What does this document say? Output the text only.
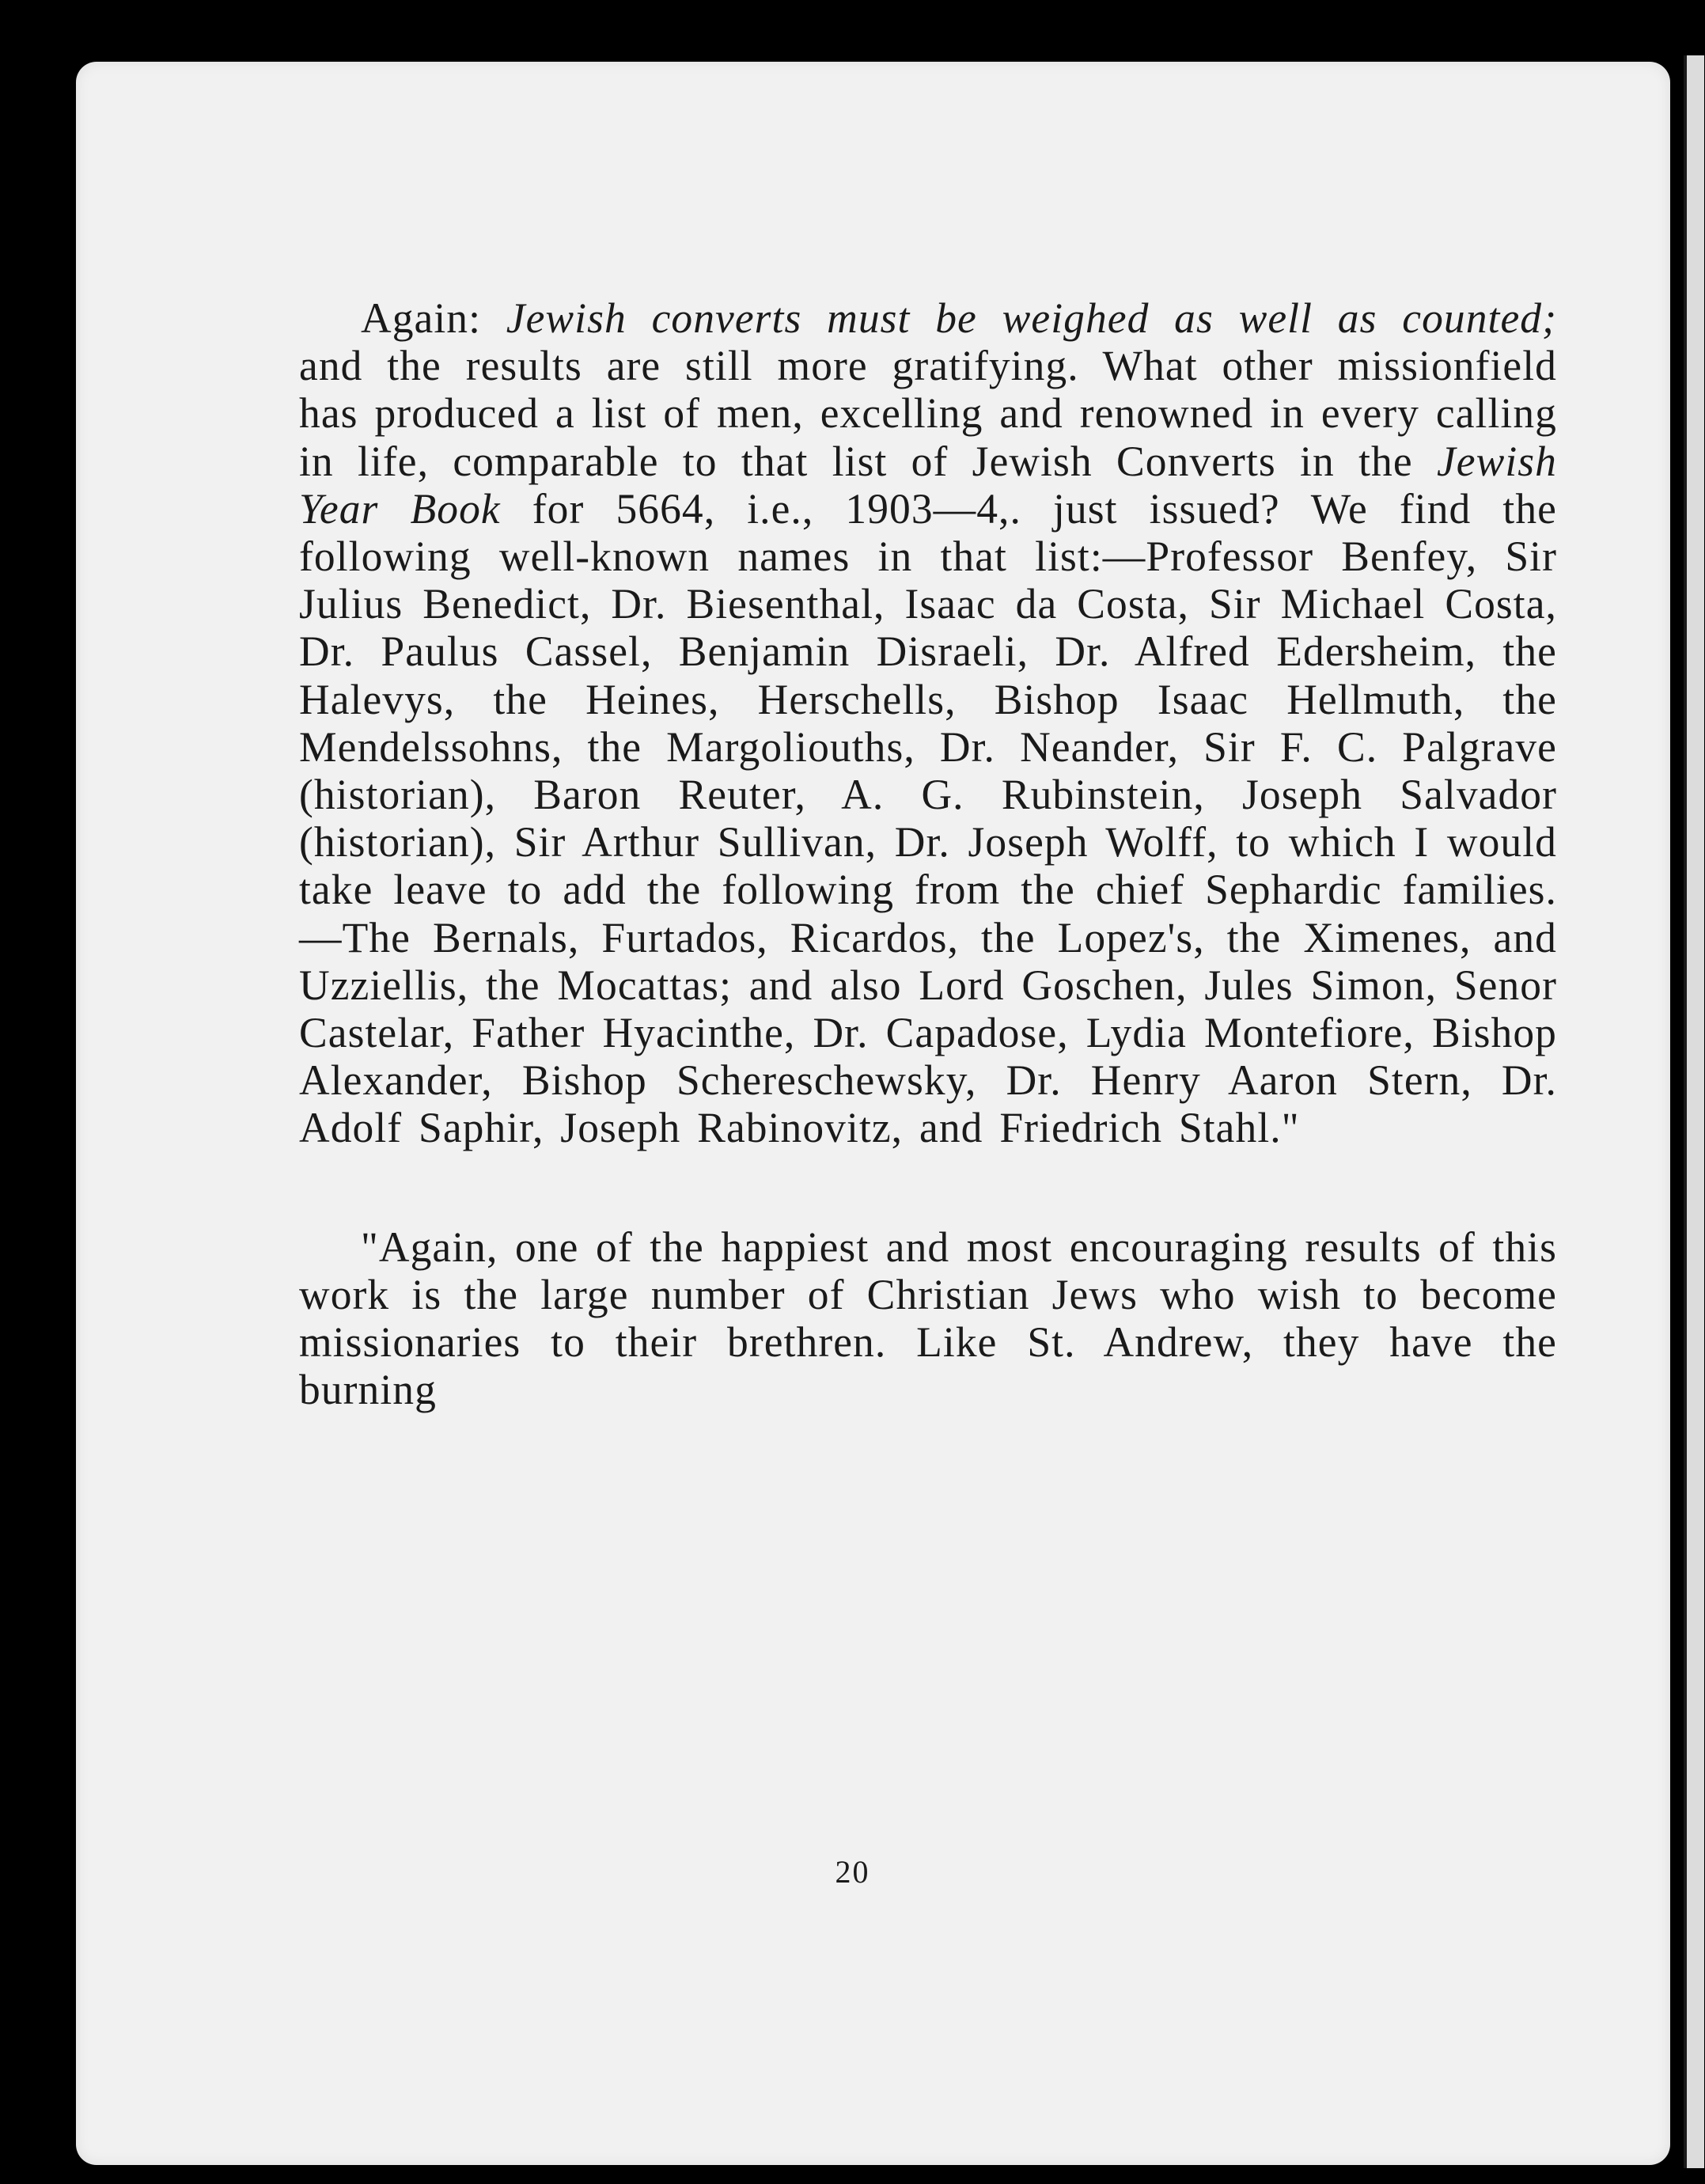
Again: Jewish converts must be weighed as well as counted; and the results are still more gratifying. What other missionfield has produced a list of men, excelling and renowned in every calling in life, comparable to that list of Jewish Converts in the Jewish Year Book for 5664, i.e., 1903—4,. just issued? We find the following well-known names in that list:—Professor Benfey, Sir Julius Benedict, Dr. Biesenthal, Isaac da Costa, Sir Michael Costa, Dr. Paulus Cassel, Benjamin Disraeli, Dr. Alfred Edersheim, the Halevys, the Heines, Herschells, Bishop Isaac Hellmuth, the Mendelssohns, the Margoliouths, Dr. Neander, Sir F. C. Palgrave (historian), Baron Reuter, A. G. Rubinstein, Joseph Salvador (historian), Sir Arthur Sullivan, Dr. Joseph Wolff, to which I would take leave to add the following from the chief Sephardic families.—The Bernals, Furtados, Ricardos, the Lopez's, the Ximenes, and Uzziellis, the Mocattas; and also Lord Goschen, Jules Simon, Senor Castelar, Father Hyacinthe, Dr. Capadose, Lydia Montefiore, Bishop Alexander, Bishop Schereschewsky, Dr. Henry Aaron Stern, Dr. Adolf Saphir, Joseph Rabinovitz, and Friedrich Stahl."

"Again, one of the happiest and most encouraging results of this work is the large number of Christian Jews who wish to become missionaries to their brethren. Like St. Andrew, they have the burning

20
